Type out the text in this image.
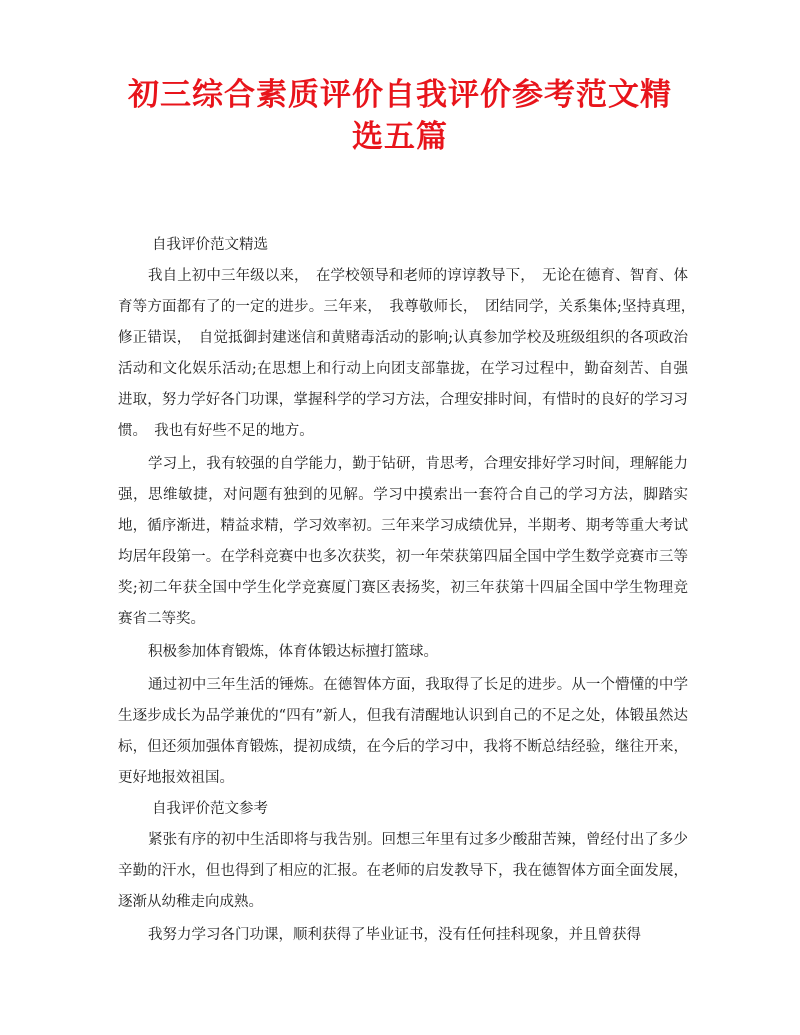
初三综合素质评价自我评价参考范文精
选五篇

自我评价范文精选

我自上初中三年级以来，　在学校领导和老师的谆谆教导下，　无论在德育、智育、体育等方面都有了的一定的进步。三年来，　我尊敬师长，　团结同学，关系集体;坚持真理，　修正错误，　自觉抵御封建迷信和黄赌毒活动的影响;认真参加学校及班级组织的各项政治活动和文化娱乐活动;在思想上和行动上向团支部靠拢，在学习过程中，勤奋刻苦、自强进取，努力学好各门功课，掌握科学的学习方法，合理安排时间，有惜时的良好的学习习惯。　我也有好些不足的地方。

学习上，我有较强的自学能力，勤于钻研，肯思考，合理安排好学习时间，理解能力强，思维敏捷，对问题有独到的见解。学习中摸索出一套符合自己的学习方法，脚踏实地，循序渐进，精益求精，学习效率初。三年来学习成绩优异，半期考、期考等重大考试均居年段第一。在学科竞赛中也多次获奖，初一年荣获第四届全国中学生数学竞赛市三等奖;初二年获全国中学生化学竞赛厦门赛区表扬奖，初三年获第十四届全国中学生物理竞赛省二等奖。

积极参加体育锻炼，体育体锻达标擅打篮球。

通过初中三年生活的锤炼。在德智体方面，我取得了长足的进步。从一个懵懂的中学生逐步成长为品学兼优的“四有”新人，但我有清醒地认识到自己的不足之处，体锻虽然达标，但还须加强体育锻炼，提初成绩，在今后的学习中，我将不断总结经验，继往开来，更好地报效祖国。

自我评价范文参考

紧张有序的初中生活即将与我告别。回想三年里有过多少酸甜苦辣，曾经付出了多少辛勤的汗水，但也得到了相应的汇报。在老师的启发教导下，我在德智体方面全面发展，逐渐从幼稚走向成熟。

我努力学习各门功课，顺利获得了毕业证书，没有任何挂科现象，并且曾获得
